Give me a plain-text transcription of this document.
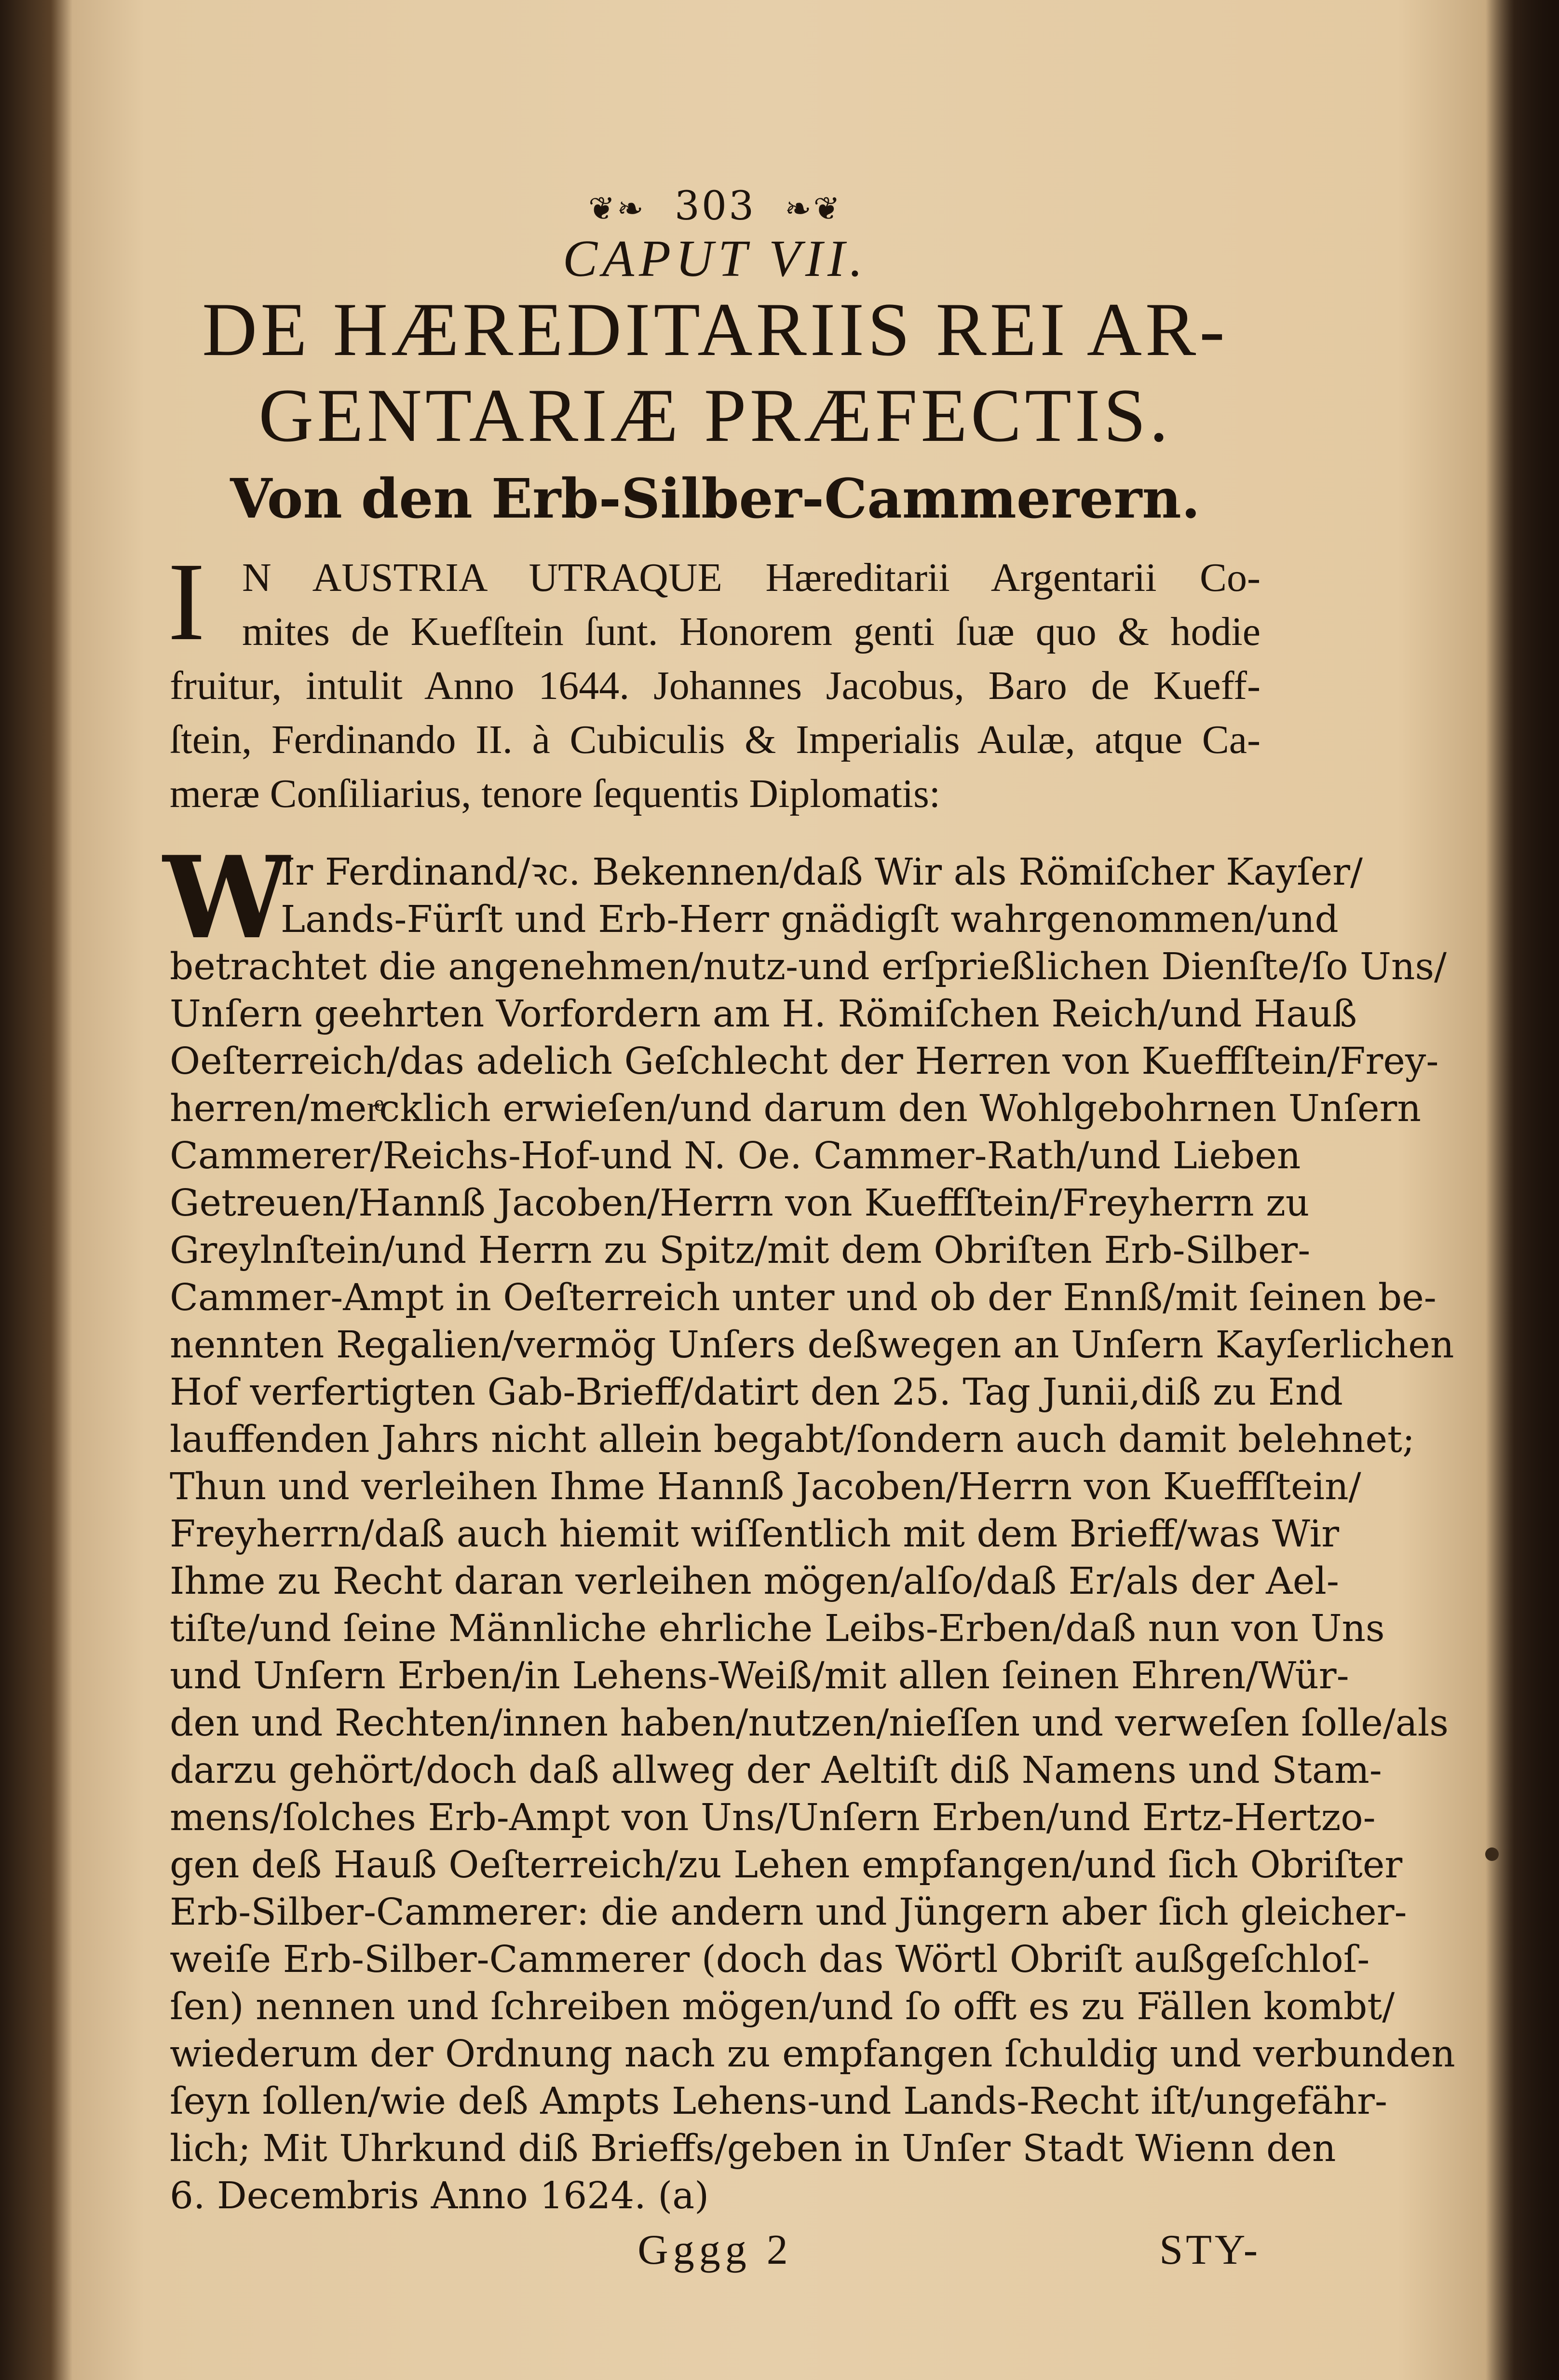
❦❧ 303 ❧❦
CAPUT VII.
DE HÆREDITARIIS REI AR-
GENTARIÆ PRÆFECTIS.
Von den Erb-Silber-Cammerern.
I N AUSTRIA UTRAQUE Hæreditarii Argentarii Co-
mites de Kuefſtein ſunt. Honorem genti ſuæ quo & hodie
fruitur, intulit Anno 1644. Johannes Jacobus, Baro de Kueff-
ſtein, Ferdinando II. à Cubiculis & Imperialis Aulæ, atque Ca-
meræ Conſiliarius, tenore ſequentis Diplomatis:
W
Ir Ferdinand/ꝛc. Bekennen/daß Wir als Römiſcher Kayſer/
Lands-Fürſt und Erb-Herr gnädigſt wahrgenommen/und
betrachtet die angenehmen/nutz-und erſprießlichen Dienſte/ſo Uns/
Unſern geehrten Vorfordern am H. Römiſchen Reich/und Hauß
Oeſterreich/das adelich Geſchlecht der Herren von Kueffſtein/Frey-
herren/merͤcklich erwieſen/und darum den Wohlgebohrnen Unſern
Cammerer/Reichs-Hof-und N. Oe. Cammer-Rath/und Lieben
Getreuen/Hannß Jacoben/Herrn von Kueffſtein/Freyherrn zu
Greylnſtein/und Herrn zu Spitz/mit dem Obriſten Erb-Silber-
Cammer-Ampt in Oeſterreich unter und ob der Ennß/mit ſeinen be-
nennten Regalien/vermög Unſers deßwegen an Unſern Kayſerlichen
Hof verfertigten Gab-Brieff/datirt den 25. Tag Junii,diß zu End
lauffenden Jahrs nicht allein begabt/ſondern auch damit belehnet;
Thun und verleihen Ihme Hannß Jacoben/Herrn von Kueffſtein/
Freyherrn/daß auch hiemit wiſſentlich mit dem Brieff/was Wir
Ihme zu Recht daran verleihen mögen/alſo/daß Er/als der Ael-
tiſte/und ſeine Männliche ehrliche Leibs-Erben/daß nun von Uns
und Unſern Erben/in Lehens-Weiß/mit allen ſeinen Ehren/Wür-
den und Rechten/innen haben/nutzen/nieſſen und verweſen ſolle/als
darzu gehört/doch daß allweg der Aeltiſt diß Namens und Stam-
mens/ſolches Erb-Ampt von Uns/Unſern Erben/und Ertz-Hertzo-
gen deß Hauß Oeſterreich/zu Lehen empfangen/und ſich Obriſter
Erb-Silber-Cammerer: die andern und Jüngern aber ſich gleicher-
weiſe Erb-Silber-Cammerer (doch das Wörtl Obriſt außgeſchloſ-
ſen) nennen und ſchreiben mögen/und ſo offt es zu Fällen kombt/
wiederum der Ordnung nach zu empfangen ſchuldig und verbunden
ſeyn ſollen/wie deß Ampts Lehens-und Lands-Recht iſt/ungefähr-
lich; Mit Uhrkund diß Brieffs/geben in Unſer Stadt Wienn den
6. Decembris Anno 1624. (a)
Gggg 2	STY-
